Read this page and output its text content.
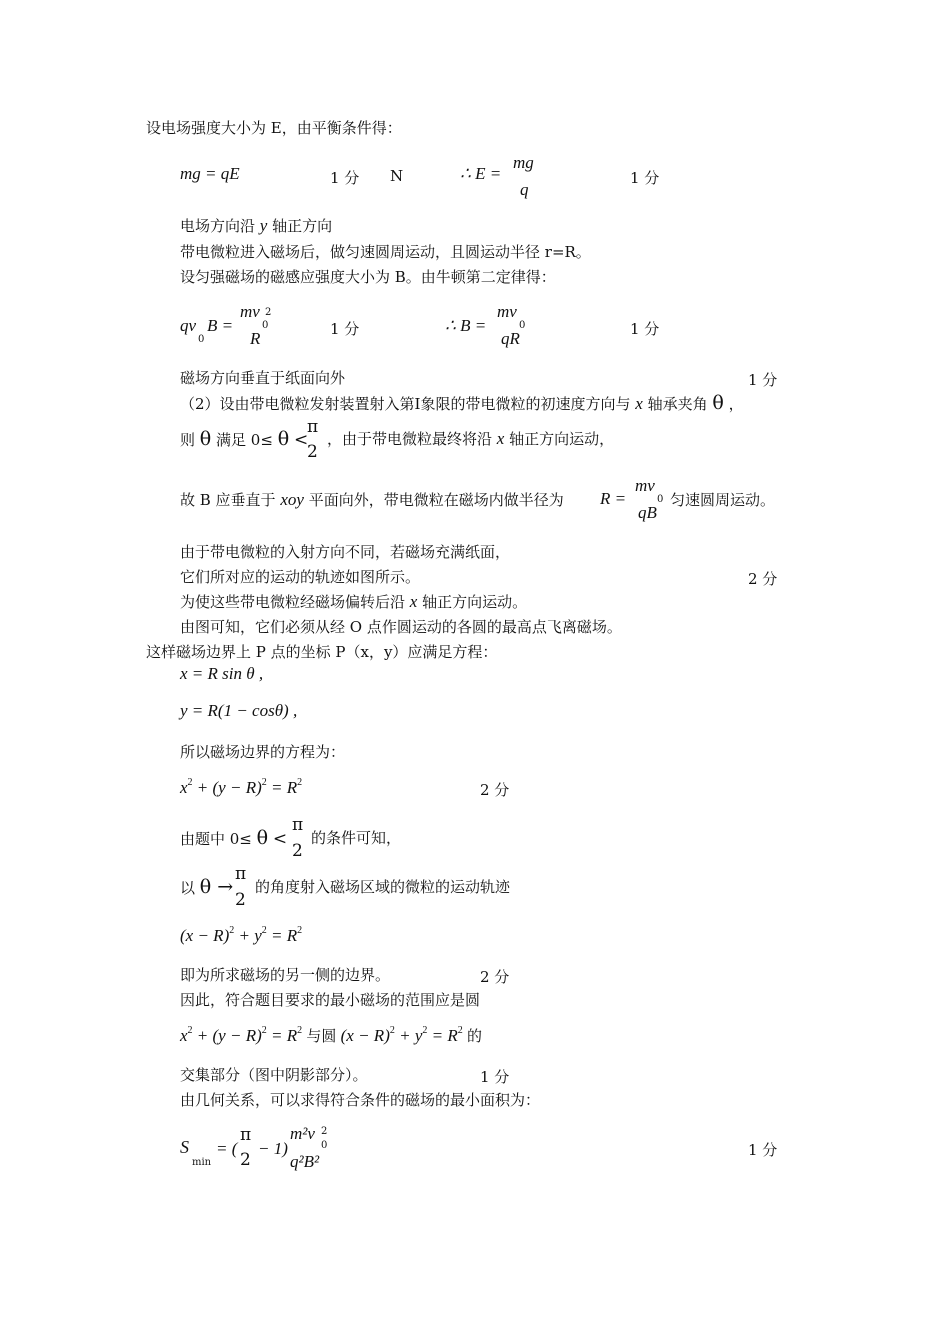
设电场强度大小为 E，由平衡条件得：
mg = qE	1 分 N	∴ E =
mg
q
1 分
电场方向沿 y 轴正方向
带电微粒进入磁场后，做匀速圆周运动，且圆运动半径 r=R。
设匀强磁场的磁感应强度大小为 B。由牛顿第二定律得：
qv
0
B =
mv 2
0
R	1 分	∴ B =
mv
0
qR	1 分
磁场方向垂直于纸面向外	1 分
（2）设由带电微粒发射装置射入第Ⅰ象限的带电微粒的初速度方向与 x 轴承夹角 θ ，
则 θ 满足 0≤ θ <
π
2
，由于带电微粒最终将沿 x 轴正方向运动，
故 B 应垂直于 xoy 平面向外，带电微粒在磁场内做半径为 R =
mv
0
qB
匀速圆周运动。
由于带电微粒的入射方向不同，若磁场充满纸面，
它们所对应的运动的轨迹如图所示。	2 分
为使这些带电微粒经磁场偏转后沿 x 轴正方向运动。
由图可知，它们必须从经 O 点作圆运动的各圆的最高点飞离磁场。
这样磁场边界上 P 点的坐标 P（x，y）应满足方程：
x = R sin θ ,
y = R(1 − cosθ) ,
所以磁场边界的方程为：
$x^2 + (y - R)^2 = R^2$	2 分
由题中 0≤ θ <
π
2
的条件可知，
以 θ →
π
2
的角度射入磁场区域的微粒的运动轨迹
$(x - R)^2 + y^2 = R^2$
即为所求磁场的另一侧的边界。	2 分
因此，符合题目要求的最小磁场的范围应是圆
$x^2 + (y - R)^2 = R^2$ 与圆 $(x - R)^2 + y^2 = R^2$ 的
交集部分（图中阴影部分）。	1 分
由几何关系，可以求得符合条件的磁场的最小面积为：
S
min
= (
π
2
− 1)
m²v 2
0
q²B²
1 分
